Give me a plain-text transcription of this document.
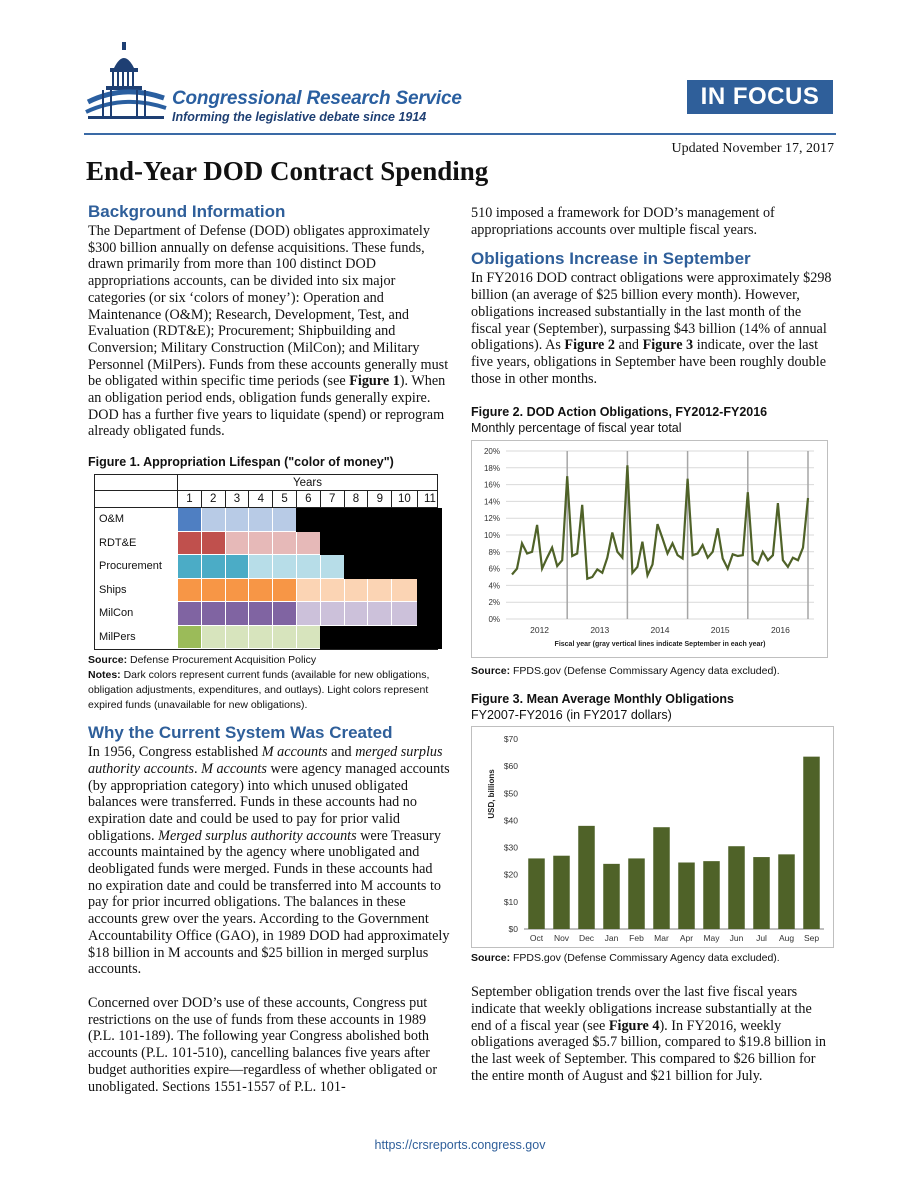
Congressional Research Service
Informing the legislative debate since 1914
IN FOCUS
Updated November 17, 2017
End-Year DOD Contract Spending
Background Information

The Department of Defense (DOD) obligates approximately $300 billion annually on defense acquisitions. These funds, drawn primarily from more than 100 distinct DOD appropriations accounts, can be divided into six major categories (or six ‘colors of money’): Operation and Maintenance (O&M); Research, Development, Test, and Evaluation (RDT&E); Procurement; Shipbuilding and Conversion; Military Construction (MilCon); and Military Personnel (MilPers). Funds from these accounts generally must be obligated within specific time periods (see Figure 1). When an obligation period ends, obligation funds generally expire. DOD has a further five years to liquidate (spend) or reprogram already obligated funds.

Figure 1. Appropriation Lifespan ("color of money")
Years
1	2	3	4	5	6	7	8	9	10	11
O&M
RDT&E
Procurement
Ships
MilCon
MilPers
Source: Defense Procurement Acquisition Policy
Notes: Dark colors represent current funds (available for new obligations, obligation adjustments, expenditures, and outlays). Light colors represent expired funds (unavailable for new obligations).
Why the Current System Was Created

In 1956, Congress established M accounts and merged surplus authority accounts. M accounts were agency managed accounts (by appropriation category) into which unused obligated balances were transferred. Funds in these accounts had no expiration date and could be used to pay for prior valid obligations. Merged surplus authority accounts were Treasury accounts maintained by the agency where unobligated and deobligated funds were merged. Funds in these accounts had no expiration date and could be transferred into M accounts to pay for prior incurred obligations. The balances in these accounts grew over the years. According to the Government Accountability Office (GAO), in 1989 DOD had approximately $18 billion in M accounts and $25 billion in merged surplus accounts.

Concerned over DOD’s use of these accounts, Congress put restrictions on the use of funds from these accounts in 1989 (P.L. 101-189). The following year Congress abolished both accounts (P.L. 101-510), cancelling balances five years after budget authorities expire—regardless of whether obligated or unobligated. Sections 1551-1557 of P.L. 101-

510 imposed a framework for DOD’s management of appropriations accounts over multiple fiscal years.

Obligations Increase in September

In FY2016 DOD contract obligations were approximately $298 billion (an average of $25 billion every month). However, obligations increased substantially in the last month of the fiscal year (September), surpassing $43 billion (14% of annual obligations). As Figure 2 and Figure 3 indicate, over the last five years, obligations in September have been roughly double those in other months.

Figure 2. DOD Action Obligations, FY2012-FY2016
Monthly percentage of fiscal year total
0%
2%
4%
6%
8%
10%
12%
14%
16%
18%
20%
2012	2013	2014	2015	2016
Fiscal year (gray vertical lines indicate September in each year)
Source: FPDS.gov (Defense Commissary Agency data excluded).
Figure 3. Mean Average Monthly Obligations
FY2007-FY2016 (in FY2017 dollars)
$0
$10
$20
$30
$40
$50
$60
$70
Oct Nov Dec Jan Feb Mar Apr May Jun Jul Aug Sep
USD, billions
Source: FPDS.gov (Defense Commissary Agency data excluded).

September obligation trends over the last five fiscal years indicate that weekly obligations increase substantially at the end of a fiscal year (see Figure 4). In FY2016, weekly obligations averaged $5.7 billion, compared to $19.8 billion in the last week of September. This compared to $26 billion for the entire month of August and $21 billion for July.

https://crsreports.congress.gov
